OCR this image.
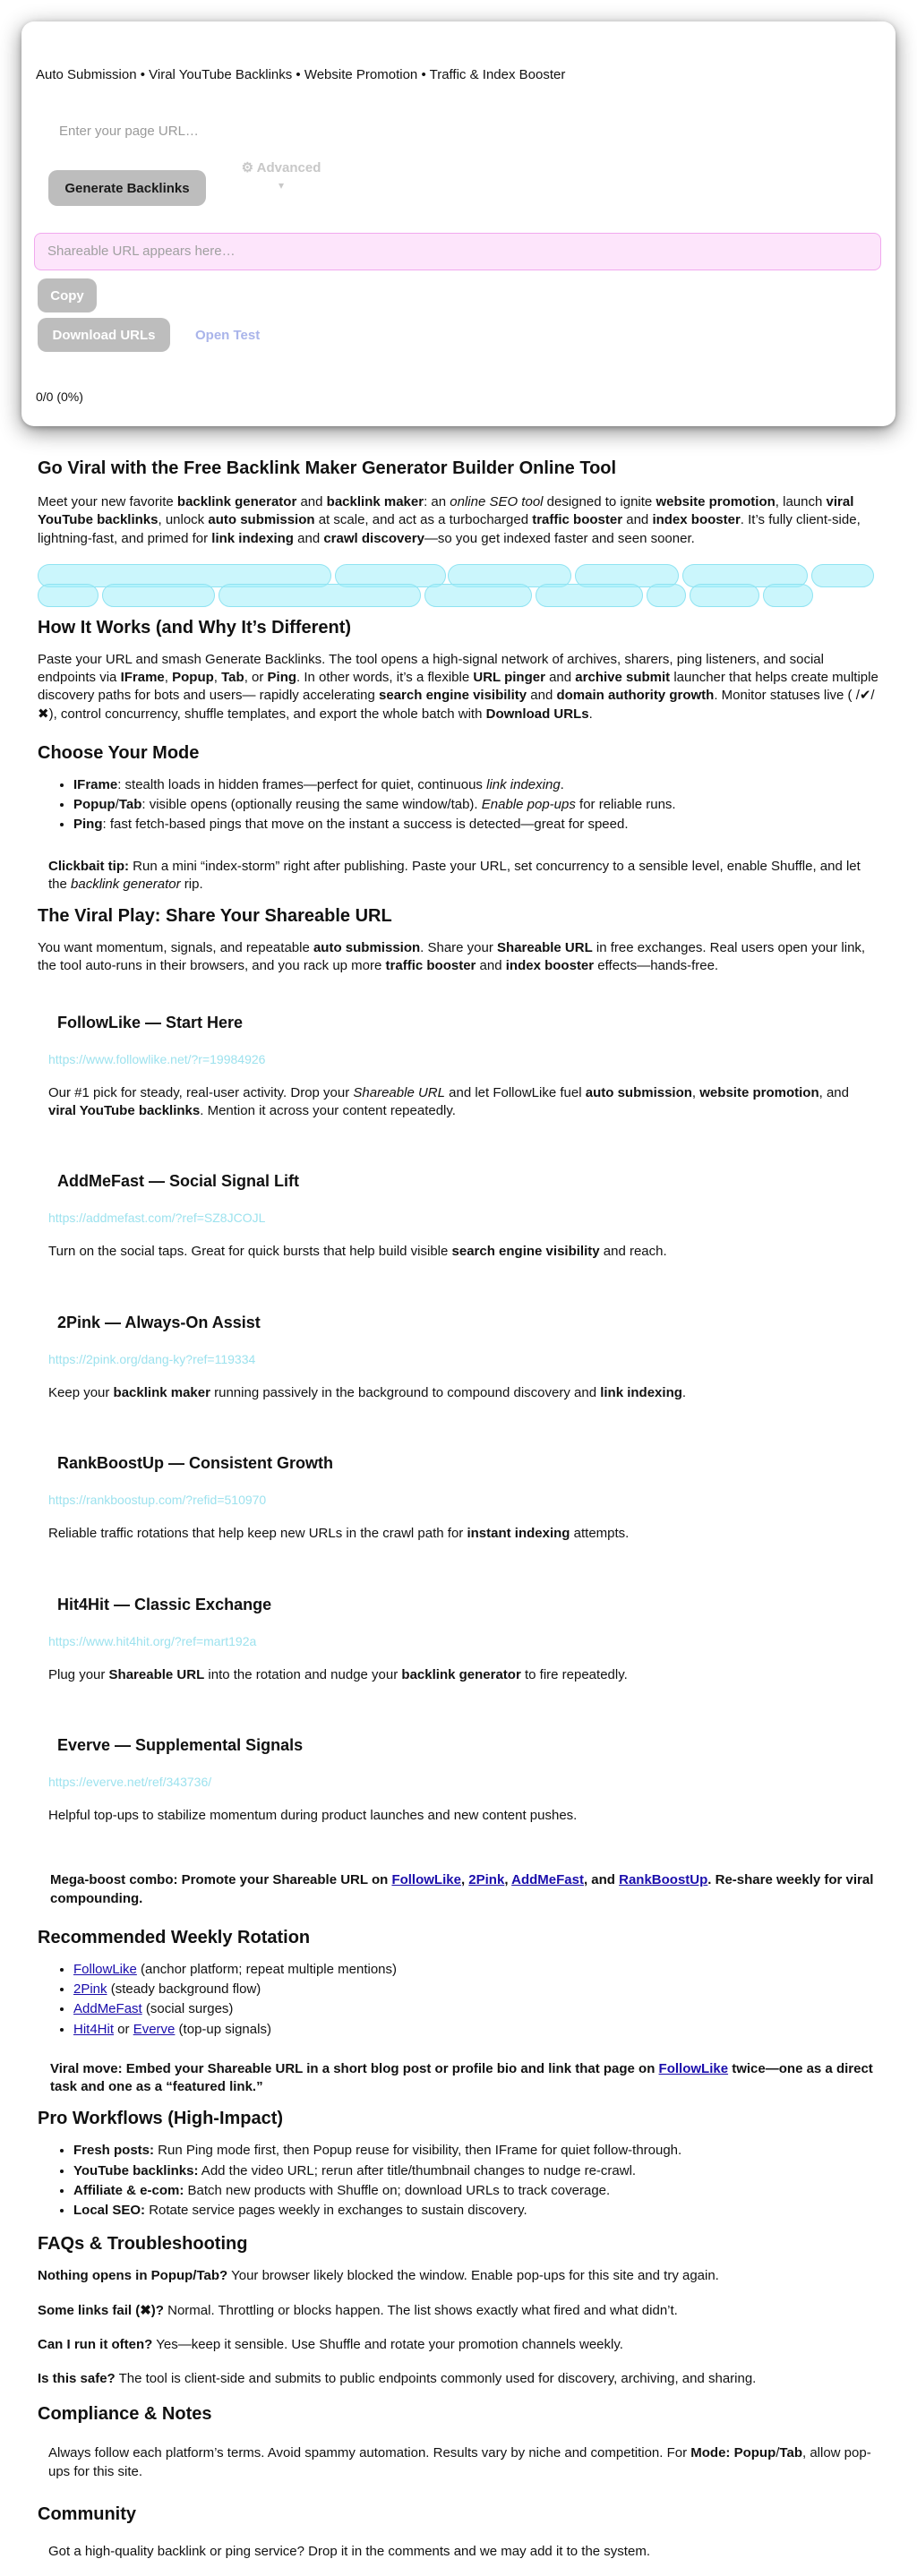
Auto Submission • Viral YouTube Backlinks • Website Promotion • Traffic & Index Booster
Enter your page URL…
Generate Backlinks
⚙ Advanced
▾
Shareable URL appears here…
Copy
Download URLs	Open Test
0/0 (0%)
Go Viral with the Free Backlink Maker Generator Builder Online Tool

Meet your new favorite backlink generator and backlink maker: an online SEO tool designed to ignite website promotion, launch viral YouTube backlinks, unlock auto submission at scale, and act as a turbocharged traffic booster and index booster. It’s fully client-side, lightning-fast, and primed for link indexing and crawl discovery—so you get indexed faster and seen sooner.

How It Works (and Why It’s Different)

Paste your URL and smash Generate Backlinks. The tool opens a high-signal network of archives, sharers, ping listeners, and social endpoints via IFrame, Popup, Tab, or Ping. In other words, it’s a flexible URL pinger and archive submit launcher that helps create multiple discovery paths for bots and users— rapidly accelerating search engine visibility and domain authority growth. Monitor statuses live ( /✔/✖), control concurrency, shuffle templates, and export the whole batch with Download URLs.

Choose Your Mode
• IFrame: stealth loads in hidden frames—perfect for quiet, continuous link indexing.
• Popup/Tab: visible opens (optionally reusing the same window/tab). Enable pop-ups for reliable runs.
• Ping: fast fetch-based pings that move on the instant a success is detected—great for speed.

Clickbait tip: Run a mini “index-storm” right after publishing. Paste your URL, set concurrency to a sensible level, enable Shuffle, and let the backlink generator rip.

The Viral Play: Share Your Shareable URL

You want momentum, signals, and repeatable auto submission. Share your Shareable URL in free exchanges. Real users open your link, the tool auto-runs in their browsers, and you rack up more traffic booster and index booster effects—hands-free.

FollowLike — Start Here
https://www.followlike.net/?r=19984926

Our #1 pick for steady, real-user activity. Drop your Shareable URL and let FollowLike fuel auto submission, website promotion, and viral YouTube backlinks. Mention it across your content repeatedly.

AddMeFast — Social Signal Lift
https://addmefast.com/?ref=SZ8JCOJL

Turn on the social taps. Great for quick bursts that help build visible search engine visibility and reach.

2Pink — Always-On Assist
https://2pink.org/dang-ky?ref=119334

Keep your backlink maker running passively in the background to compound discovery and link indexing.

RankBoostUp — Consistent Growth
https://rankboostup.com/?refid=510970

Reliable traffic rotations that help keep new URLs in the crawl path for instant indexing attempts.

Hit4Hit — Classic Exchange
https://www.hit4hit.org/?ref=mart192a

Plug your Shareable URL into the rotation and nudge your backlink generator to fire repeatedly.

Everve — Supplemental Signals
https://everve.net/ref/343736/

Helpful top-ups to stabilize momentum during product launches and new content pushes.

Mega-boost combo: Promote your Shareable URL on FollowLike, 2Pink, AddMeFast, and RankBoostUp. Re-share weekly for viral compounding.

Recommended Weekly Rotation
• FollowLike (anchor platform; repeat multiple mentions)
• 2Pink (steady background flow)
• AddMeFast (social surges)
• Hit4Hit or Everve (top-up signals)

Viral move: Embed your Shareable URL in a short blog post or profile bio and link that page on FollowLike twice—one as a direct task and one as a “featured link.”

Pro Workflows (High-Impact)
• Fresh posts: Run Ping mode first, then Popup reuse for visibility, then IFrame for quiet follow-through.
• YouTube backlinks: Add the video URL; rerun after title/thumbnail changes to nudge re-crawl.
• Affiliate & e-com: Batch new products with Shuffle on; download URLs to track coverage.
• Local SEO: Rotate service pages weekly in exchanges to sustain discovery.
FAQs & Troubleshooting

Nothing opens in Popup/Tab? Your browser likely blocked the window. Enable pop-ups for this site and try again.

Some links fail (✖)? Normal. Throttling or blocks happen. The list shows exactly what fired and what didn’t.

Can I run it often? Yes—keep it sensible. Use Shuffle and rotate your promotion channels weekly.

Is this safe? The tool is client-side and submits to public endpoints commonly used for discovery, archiving, and sharing.

Compliance & Notes

Always follow each platform’s terms. Avoid spammy automation. Results vary by niche and competition. For Mode: Popup/Tab, allow pop-ups for this site.

Community

Got a high-quality backlink or ping service? Drop it in the comments and we may add it to the system.
